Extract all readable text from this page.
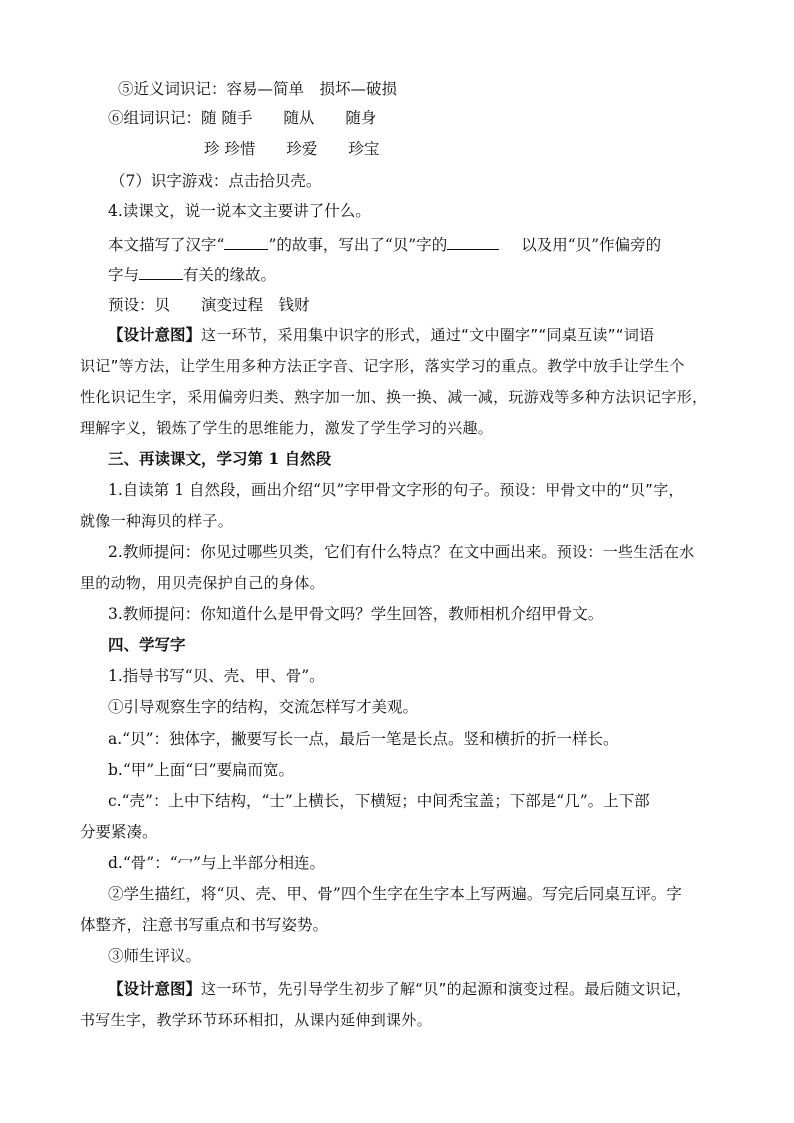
⑤近义词识记：容易—简单　损坏—破损
⑥组词识记：随 随手　　随从　　随身
珍 珍惜　　珍爱　　珍宝
（7）识字游戏：点击拾贝壳。
4.读课文，说一说本文主要讲了什么。
本文描写了汉字“	”的故事，写出了“贝”字的	以及用“贝”作偏旁的
字与	有关的缘故。
预设：贝　　演变过程　钱财
【设计意图】这一环节，采用集中识字的形式，通过“文中圈字”“同桌互读”“词语
识记”等方法，让学生用多种方法正字音、记字形，落实学习的重点。教学中放手让学生个
性化识记生字，采用偏旁归类、熟字加一加、换一换、减一减，玩游戏等多种方法识记字形，
理解字义，锻炼了学生的思维能力，激发了学生学习的兴趣。
三、再读课文，学习第 1 自然段
1.自读第 1 自然段，画出介绍“贝”字甲骨文字形的句子。预设：甲骨文中的“贝”字，
就像一种海贝的样子。
2.教师提问：你见过哪些贝类，它们有什么特点？在文中画出来。预设：一些生活在水
里的动物，用贝壳保护自己的身体。
3.教师提问：你知道什么是甲骨文吗？学生回答，教师相机介绍甲骨文。
四、学写字
1.指导书写“贝、壳、甲、骨”。
①引导观察生字的结构，交流怎样写才美观。
a.“贝”：独体字，撇要写长一点，最后一笔是长点。竖和横折的折一样长。
b.“甲”上面“曰”要扁而宽。
c.“壳”：上中下结构，“士”上横长，下横短；中间秃宝盖；下部是“几”。上下部
分要紧凑。
d.“骨”：“冖”与上半部分相连。
②学生描红，将“贝、壳、甲、骨”四个生字在生字本上写两遍。写完后同桌互评。字
体整齐，注意书写重点和书写姿势。
③师生评议。
【设计意图】这一环节，先引导学生初步了解“贝”的起源和演变过程。最后随文识记，
书写生字，教学环节环环相扣，从课内延伸到课外。
